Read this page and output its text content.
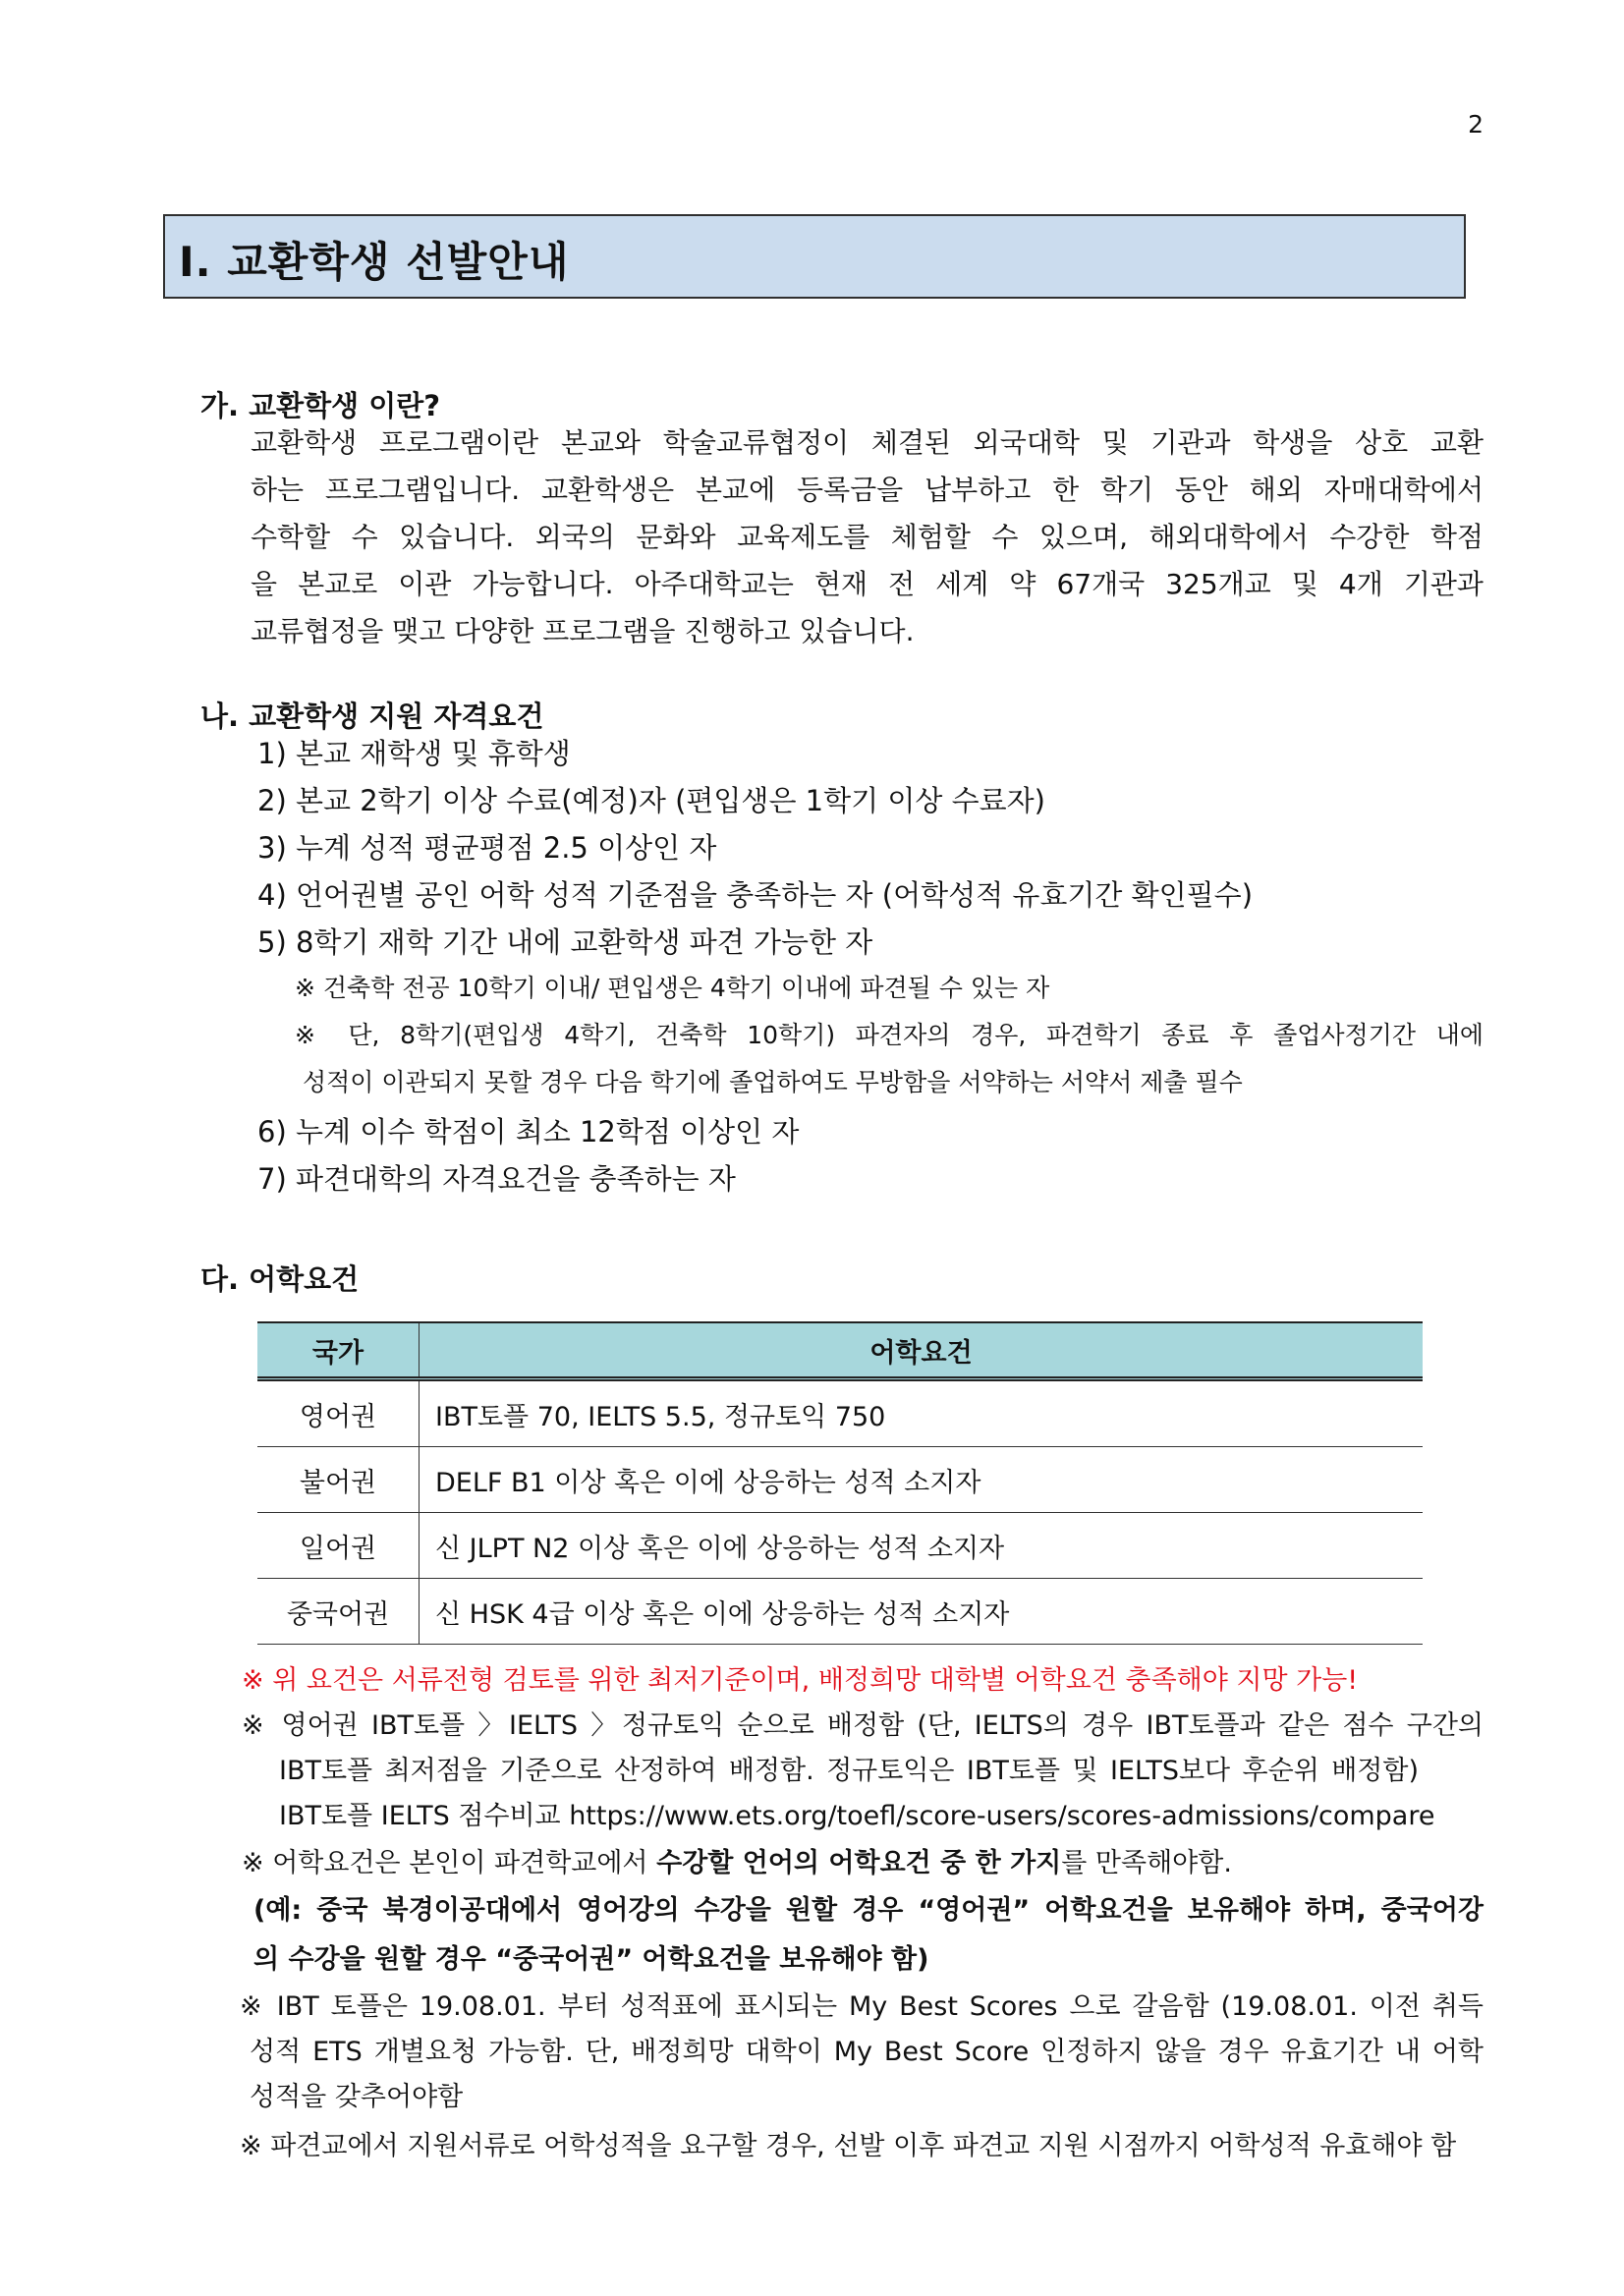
2
I. 교환학생 선발안내
가. 교환학생 이란?
교환학생 프로그램이란 본교와 학술교류협정이 체결된 외국대학 및 기관과 학생을 상호 교환
하는 프로그램입니다. 교환학생은 본교에 등록금을 납부하고 한 학기 동안 해외 자매대학에서
수학할 수 있습니다. 외국의 문화와 교육제도를 체험할 수 있으며, 해외대학에서 수강한 학점
을 본교로 이관 가능합니다. 아주대학교는 현재 전 세계 약 67개국 325개교 및 4개 기관과
교류협정을 맺고 다양한 프로그램을 진행하고 있습니다.
나. 교환학생 지원 자격요건
1) 본교 재학생 및 휴학생
2) 본교 2학기 이상 수료(예정)자 (편입생은 1학기 이상 수료자)
3) 누계 성적 평균평점 2.5 이상인 자
4) 언어권별 공인 어학 성적 기준점을 충족하는 자 (어학성적 유효기간 확인필수)
5) 8학기 재학 기간 내에 교환학생 파견 가능한 자
※ 건축학 전공 10학기 이내/ 편입생은 4학기 이내에 파견될 수 있는 자
※ 단, 8학기(편입생 4학기, 건축학 10학기) 파견자의 경우, 파견학기 종료 후 졸업사정기간 내에
성적이 이관되지 못할 경우 다음 학기에 졸업하여도 무방함을 서약하는 서약서 제출 필수
6) 누계 이수 학점이 최소 12학점 이상인 자
7) 파견대학의 자격요건을 충족하는 자
다. 어학요건
국가	어학요건
영어권	IBT토플 70, IELTS 5.5, 정규토익 750
불어권	DELF B1 이상 혹은 이에 상응하는 성적 소지자
일어권	신 JLPT N2 이상 혹은 이에 상응하는 성적 소지자
중국어권	신 HSK 4급 이상 혹은 이에 상응하는 성적 소지자
※ 위 요건은 서류전형 검토를 위한 최저기준이며, 배정희망 대학별 어학요건 충족해야 지망 가능!
※ 영어권 IBT토플 〉IELTS 〉정규토익 순으로 배정함 (단, IELTS의 경우 IBT토플과 같은 점수 구간의
IBT토플 최저점을 기준으로 산정하여 배정함. 정규토익은 IBT토플 및 IELTS보다 후순위 배정함)
IBT토플 IELTS 점수비교 https://www.ets.org/toefl/score-users/scores-admissions/compare
※ 어학요건은 본인이 파견학교에서 수강할 언어의 어학요건 중 한 가지를 만족해야함.
(예: 중국 북경이공대에서 영어강의 수강을 원할 경우 “영어권” 어학요건을 보유해야 하며, 중국어강
의 수강을 원할 경우 “중국어권” 어학요건을 보유해야 함)
※ IBT 토플은 19.08.01. 부터 성적표에 표시되는 My Best Scores 으로 갈음함 (19.08.01. 이전 취득
성적 ETS 개별요청 가능함. 단, 배정희망 대학이 My Best Score 인정하지 않을 경우 유효기간 내 어학
성적을 갖추어야함
※ 파견교에서 지원서류로 어학성적을 요구할 경우, 선발 이후 파견교 지원 시점까지 어학성적 유효해야 함
